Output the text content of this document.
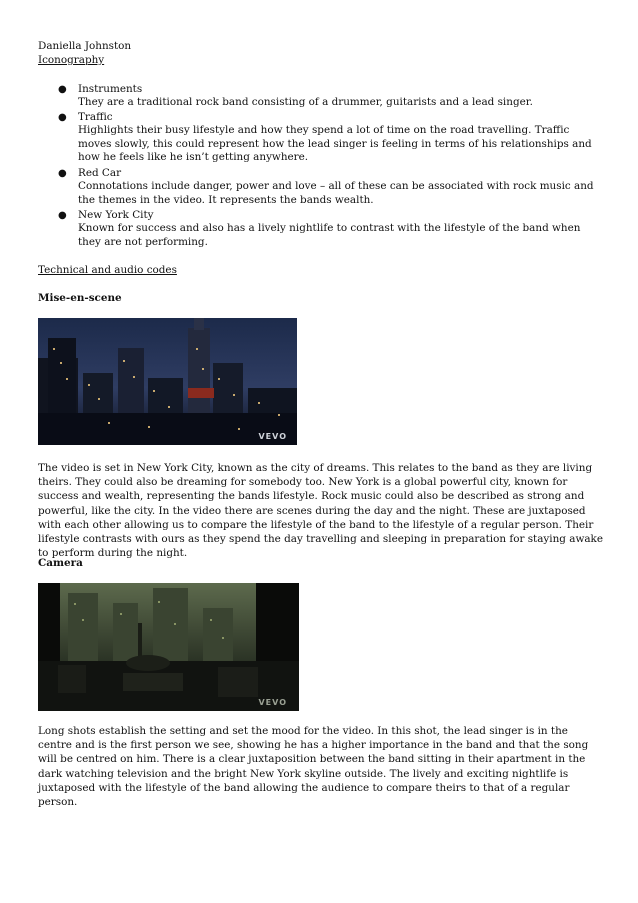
Daniella Johnston
Iconography
● Instruments
They are a traditional rock band consisting of a drummer, guitarists and a lead singer.
● Traffic
Highlights their busy lifestyle and how they spend a lot of time on the road travelling. Traffic moves slowly, this could represent how the lead singer is feeling in terms of his relationships and how he feels like he isn’t getting anywhere.
● Red Car
Connotations include danger, power and love – all of these can be associated with rock music and the themes in the video. It represents the bands wealth.
● New York City
Known for success and also has a lively nightlife to contrast with the lifestyle of the band when they are not performing.
Technical and audio codes
Mise-en-scene
VEVO
The video is set in New York City, known as the city of dreams. This relates to the band as they are living theirs. They could also be dreaming for somebody too. New York is a global powerful city, known for success and wealth, representing the bands lifestyle. Rock music could also be described as strong and powerful, like the city. In the video there are scenes during the day and the night. These are juxtaposed with each other allowing us to compare the lifestyle of the band to the lifestyle of a regular person. Their lifestyle contrasts with ours as they spend the day travelling and sleeping in preparation for staying awake to perform during the night.
Camera
VEVO
Long shots establish the setting and set the mood for the video. In this shot, the lead singer is in the centre and is the first person we see, showing he has a higher importance in the band and that the song will be centred on him. There is a clear juxtaposition between the band sitting in their apartment in the dark watching television and the bright New York skyline outside. The lively and exciting nightlife is juxtaposed with the lifestyle of the band allowing the audience to compare theirs to that of a regular person.
